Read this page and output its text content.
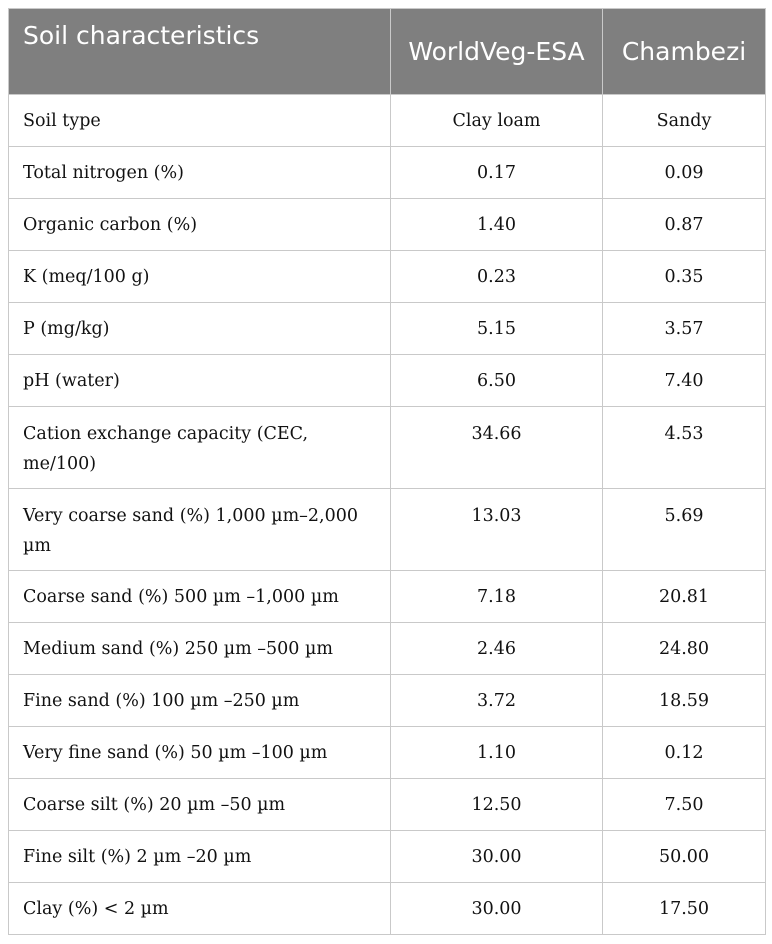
Soil characteristics	WorldVeg-ESA	Chambezi
Soil type	Clay loam	Sandy
Total nitrogen (%)	0.17	0.09
Organic carbon (%)	1.40	0.87
K (meq/100 g)	0.23	0.35
P (mg/kg)	5.15	3.57
pH (water)	6.50	7.40
Cation exchange capacity (CEC, me/100)	34.66	4.53
Very coarse sand (%) 1,000 µm–2,000 µm	13.03	5.69
Coarse sand (%) 500 µm –1,000 µm	7.18	20.81
Medium sand (%) 250 µm –500 µm	2.46	24.80
Fine sand (%) 100 µm –250 µm	3.72	18.59
Very fine sand (%) 50 µm –100 µm	1.10	0.12
Coarse silt (%) 20 µm –50 µm	12.50	7.50
Fine silt (%) 2 µm –20 µm	30.00	50.00
Clay (%) < 2 µm	30.00	17.50
